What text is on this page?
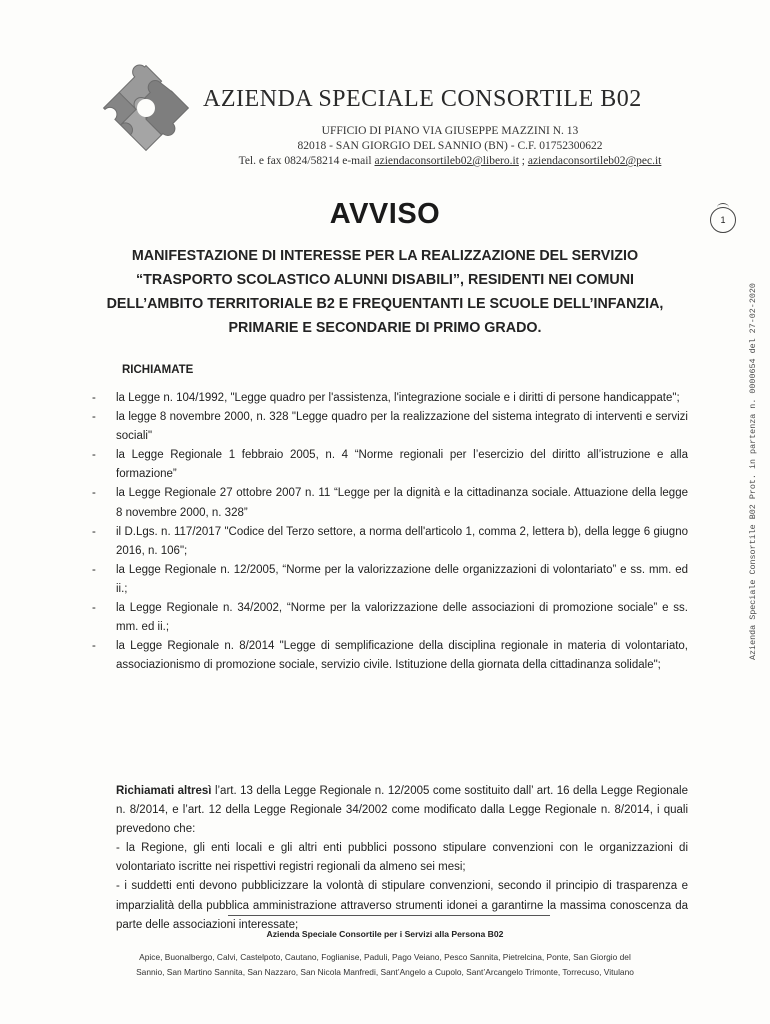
AZIENDA SPECIALE CONSORTILE B02
UFFICIO DI PIANO VIA GIUSEPPE MAZZINI N. 13
82018 - SAN GIORGIO DEL SANNIO (BN) - C.F. 01752300622
Tel. e fax 0824/58214 e-mail aziendaconsortileb02@libero.it ; aziendaconsortileb02@pec.it
AVVISO	1
MANIFESTAZIONE DI INTERESSE PER LA REALIZZAZIONE DEL SERVIZIO
“TRASPORTO SCOLASTICO ALUNNI DISABILI”, RESIDENTI NEI COMUNI
DELL’AMBITO TERRITORIALE B2 E FREQUENTANTI LE SCUOLE DELL’INFANZIA,
PRIMARIE E SECONDARIE DI PRIMO GRADO.	Azienda Speciale Consortile B02 Prot. in partenza n. 0000654 del 27-02-2020
RICHIAMATE
- la Legge n. 104/1992, "Legge quadro per l'assistenza, l'integrazione sociale e i diritti di persone handicappate";
- la legge 8 novembre 2000, n. 328 "Legge quadro per la realizzazione del sistema integrato di interventi e servizi sociali"
- la Legge Regionale 1 febbraio 2005, n. 4 “Norme regionali per l’esercizio del diritto all’istruzione e alla formazione”
- la Legge Regionale 27 ottobre 2007 n. 11 “Legge per la dignità e la cittadinanza sociale. Attuazione della legge 8 novembre 2000, n. 328”
- il D.Lgs. n. 117/2017 "Codice del Terzo settore, a norma dell'articolo 1, comma 2, lettera b), della legge 6 giugno 2016, n. 106";
- la Legge Regionale n. 12/2005, “Norme per la valorizzazione delle organizzazioni di volontariato” e ss. mm. ed ii.;
- la Legge Regionale n. 34/2002, “Norme per la valorizzazione delle associazioni di promozione sociale” e ss. mm. ed ii.;
- la Legge Regionale n. 8/2014 "Legge di semplificazione della disciplina regionale in materia di volontariato, associazionismo di promozione sociale, servizio civile. Istituzione della giornata della cittadinanza solidale";
Richiamati altresì l’art. 13 della Legge Regionale n. 12/2005 come sostituito dall’ art. 16 della Legge Regionale n. 8/2014, e l’art. 12 della Legge Regionale 34/2002 come modificato dalla Legge Regionale n. 8/2014, i quali prevedono che:
- la Regione, gli enti locali e gli altri enti pubblici possono stipulare convenzioni con le organizzazioni di volontariato iscritte nei rispettivi registri regionali da almeno sei mesi;
- i suddetti enti devono pubblicizzare la volontà di stipulare convenzioni, secondo il principio di trasparenza e imparzialità della pubblica amministrazione attraverso strumenti idonei a garantirne la massima conoscenza da parte delle associazioni interessate;
Azienda Speciale Consortile per i Servizi alla Persona B02
Apice, Buonalbergo, Calvi, Castelpoto, Cautano, Foglianise, Paduli, Pago Veiano, Pesco Sannita, Pietrelcina, Ponte, San Giorgio del
Sannio, San Martino Sannita, San Nazzaro, San Nicola Manfredi, Sant’Angelo a Cupolo, Sant’Arcangelo Trimonte, Torrecuso, Vitulano
